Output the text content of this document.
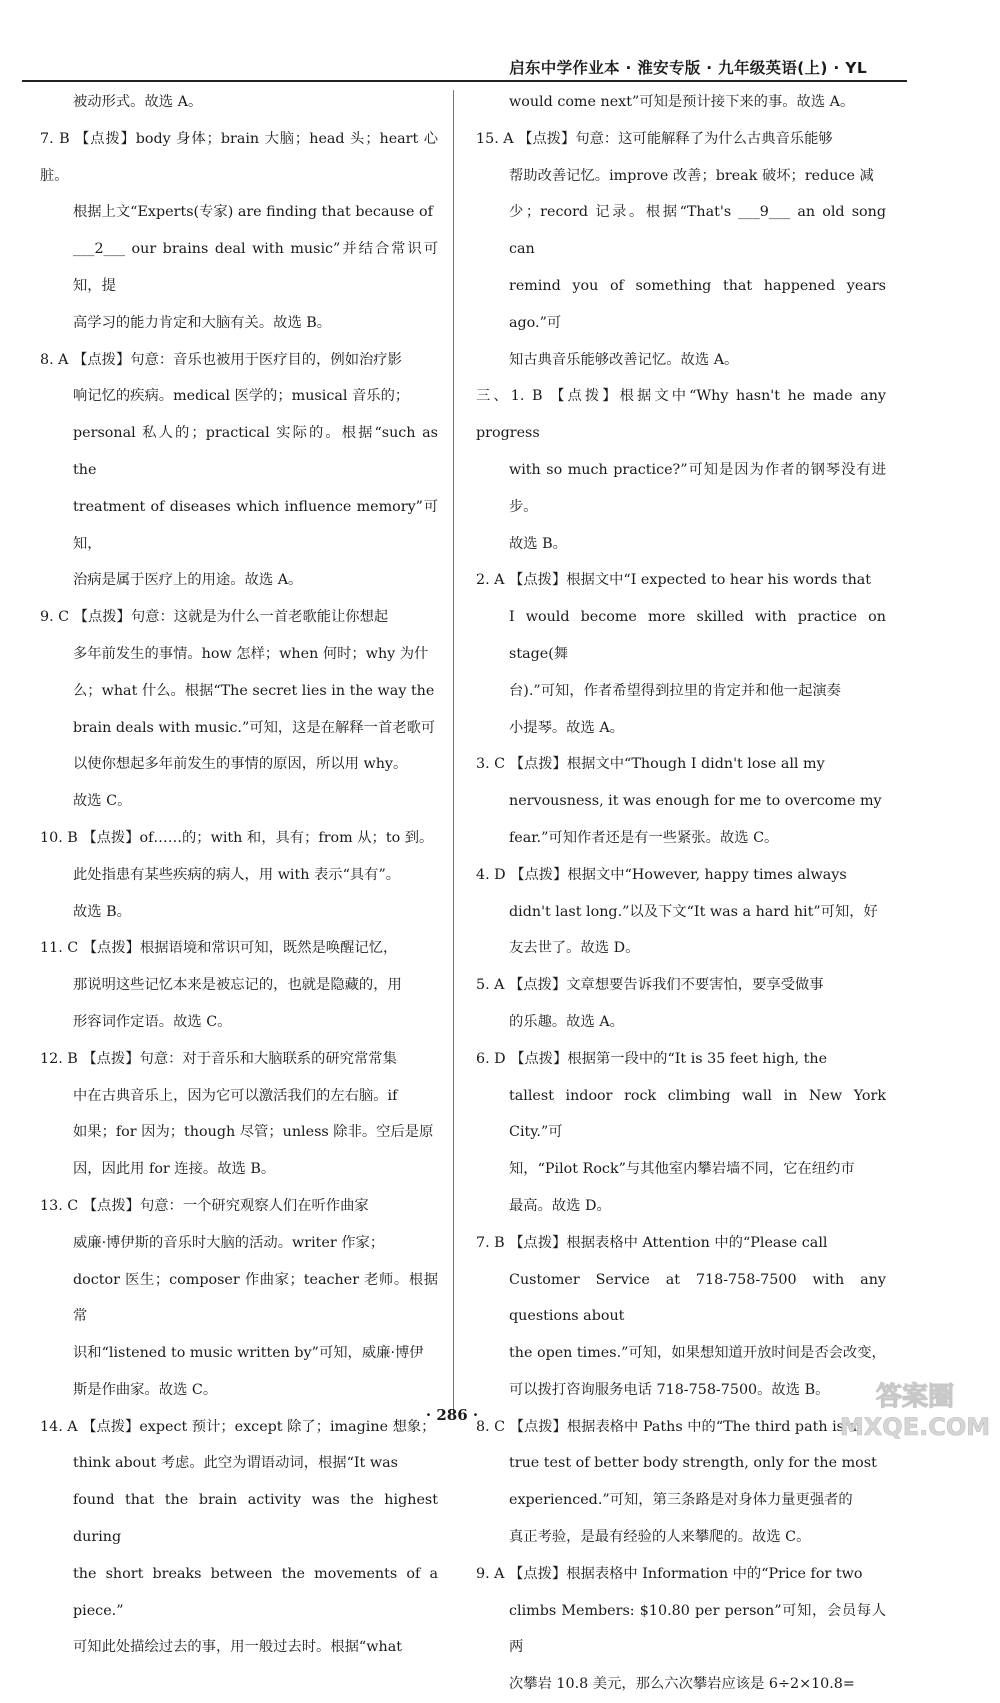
启东中学作业本 · 淮安专版 · 九年级英语(上) · YL
被动形式。故选 A。
7. B 【点拨】body 身体；brain 大脑；head 头；heart 心脏。
根据上文“Experts(专家) are finding that because of
___2___ our brains deal with music”并结合常识可知，提
高学习的能力肯定和大脑有关。故选 B。
8. A 【点拨】句意：音乐也被用于医疗目的，例如治疗影
响记忆的疾病。medical 医学的；musical 音乐的；
personal 私人的；practical 实际的。根据“such as the
treatment of diseases which influence memory”可知，
治病是属于医疗上的用途。故选 A。
9. C 【点拨】句意：这就是为什么一首老歌能让你想起
多年前发生的事情。how 怎样；when 何时；why 为什
么；what 什么。根据“The secret lies in the way the
brain deals with music.”可知，这是在解释一首老歌可
以使你想起多年前发生的事情的原因，所以用 why。
故选 C。
10. B 【点拨】of……的；with 和，具有；from 从；to 到。
此处指患有某些疾病的病人，用 with 表示“具有”。
故选 B。
11. C 【点拨】根据语境和常识可知，既然是唤醒记忆，
那说明这些记忆本来是被忘记的，也就是隐藏的，用
形容词作定语。故选 C。
12. B 【点拨】句意：对于音乐和大脑联系的研究常常集
中在古典音乐上，因为它可以激活我们的左右脑。if
如果；for 因为；though 尽管；unless 除非。空后是原
因，因此用 for 连接。故选 B。
13. C 【点拨】句意：一个研究观察人们在听作曲家
威廉·博伊斯的音乐时大脑的活动。writer 作家；
doctor 医生；composer 作曲家；teacher 老师。根据常
识和“listened to music written by”可知，威廉·博伊
斯是作曲家。故选 C。
14. A 【点拨】expect 预计；except 除了；imagine 想象；
think about 考虑。此空为谓语动词，根据“It was
found that the brain activity was the highest during
the short breaks between the movements of a piece.”
可知此处描绘过去的事，用一般过去时。根据“what
would come next”可知是预计接下来的事。故选 A。
15. A 【点拨】句意：这可能解释了为什么古典音乐能够
帮助改善记忆。improve 改善；break 破坏；reduce 减
少；record 记录。根据“That's ___9___ an old song can
remind you of something that happened years ago.”可
知古典音乐能够改善记忆。故选 A。
三、1. B 【点拨】根据文中“Why hasn't he made any progress
with so much practice?”可知是因为作者的钢琴没有进步。
故选 B。
2. A 【点拨】根据文中“I expected to hear his words that
I would become more skilled with practice on stage(舞
台).”可知，作者希望得到拉里的肯定并和他一起演奏
小提琴。故选 A。
3. C 【点拨】根据文中“Though I didn't lose all my
nervousness, it was enough for me to overcome my
fear.”可知作者还是有一些紧张。故选 C。
4. D 【点拨】根据文中“However, happy times always
didn't last long.”以及下文“It was a hard hit”可知，好
友去世了。故选 D。
5. A 【点拨】文章想要告诉我们不要害怕，要享受做事
的乐趣。故选 A。
6. D 【点拨】根据第一段中的“It is 35 feet high, the
tallest indoor rock climbing wall in New York City.”可
知，“Pilot Rock”与其他室内攀岩墙不同，它在纽约市
最高。故选 D。
7. B 【点拨】根据表格中 Attention 中的“Please call
Customer Service at 718-758-7500 with any questions about
the open times.”可知，如果想知道开放时间是否会改变，
可以拨打咨询服务电话 718-758-7500。故选 B。
8. C 【点拨】根据表格中 Paths 中的“The third path is a
true test of better body strength, only for the most
experienced.”可知，第三条路是对身体力量更强者的
真正考验，是最有经验的人来攀爬的。故选 C。
9. A 【点拨】根据表格中 Information 中的“Price for two
climbs Members: $10.80 per person”可知，会员每人两
次攀岩 10.8 美元，那么六次攀岩应该是 6÷2×10.8=
· 286 ·
答案圈
MXQE.COM
